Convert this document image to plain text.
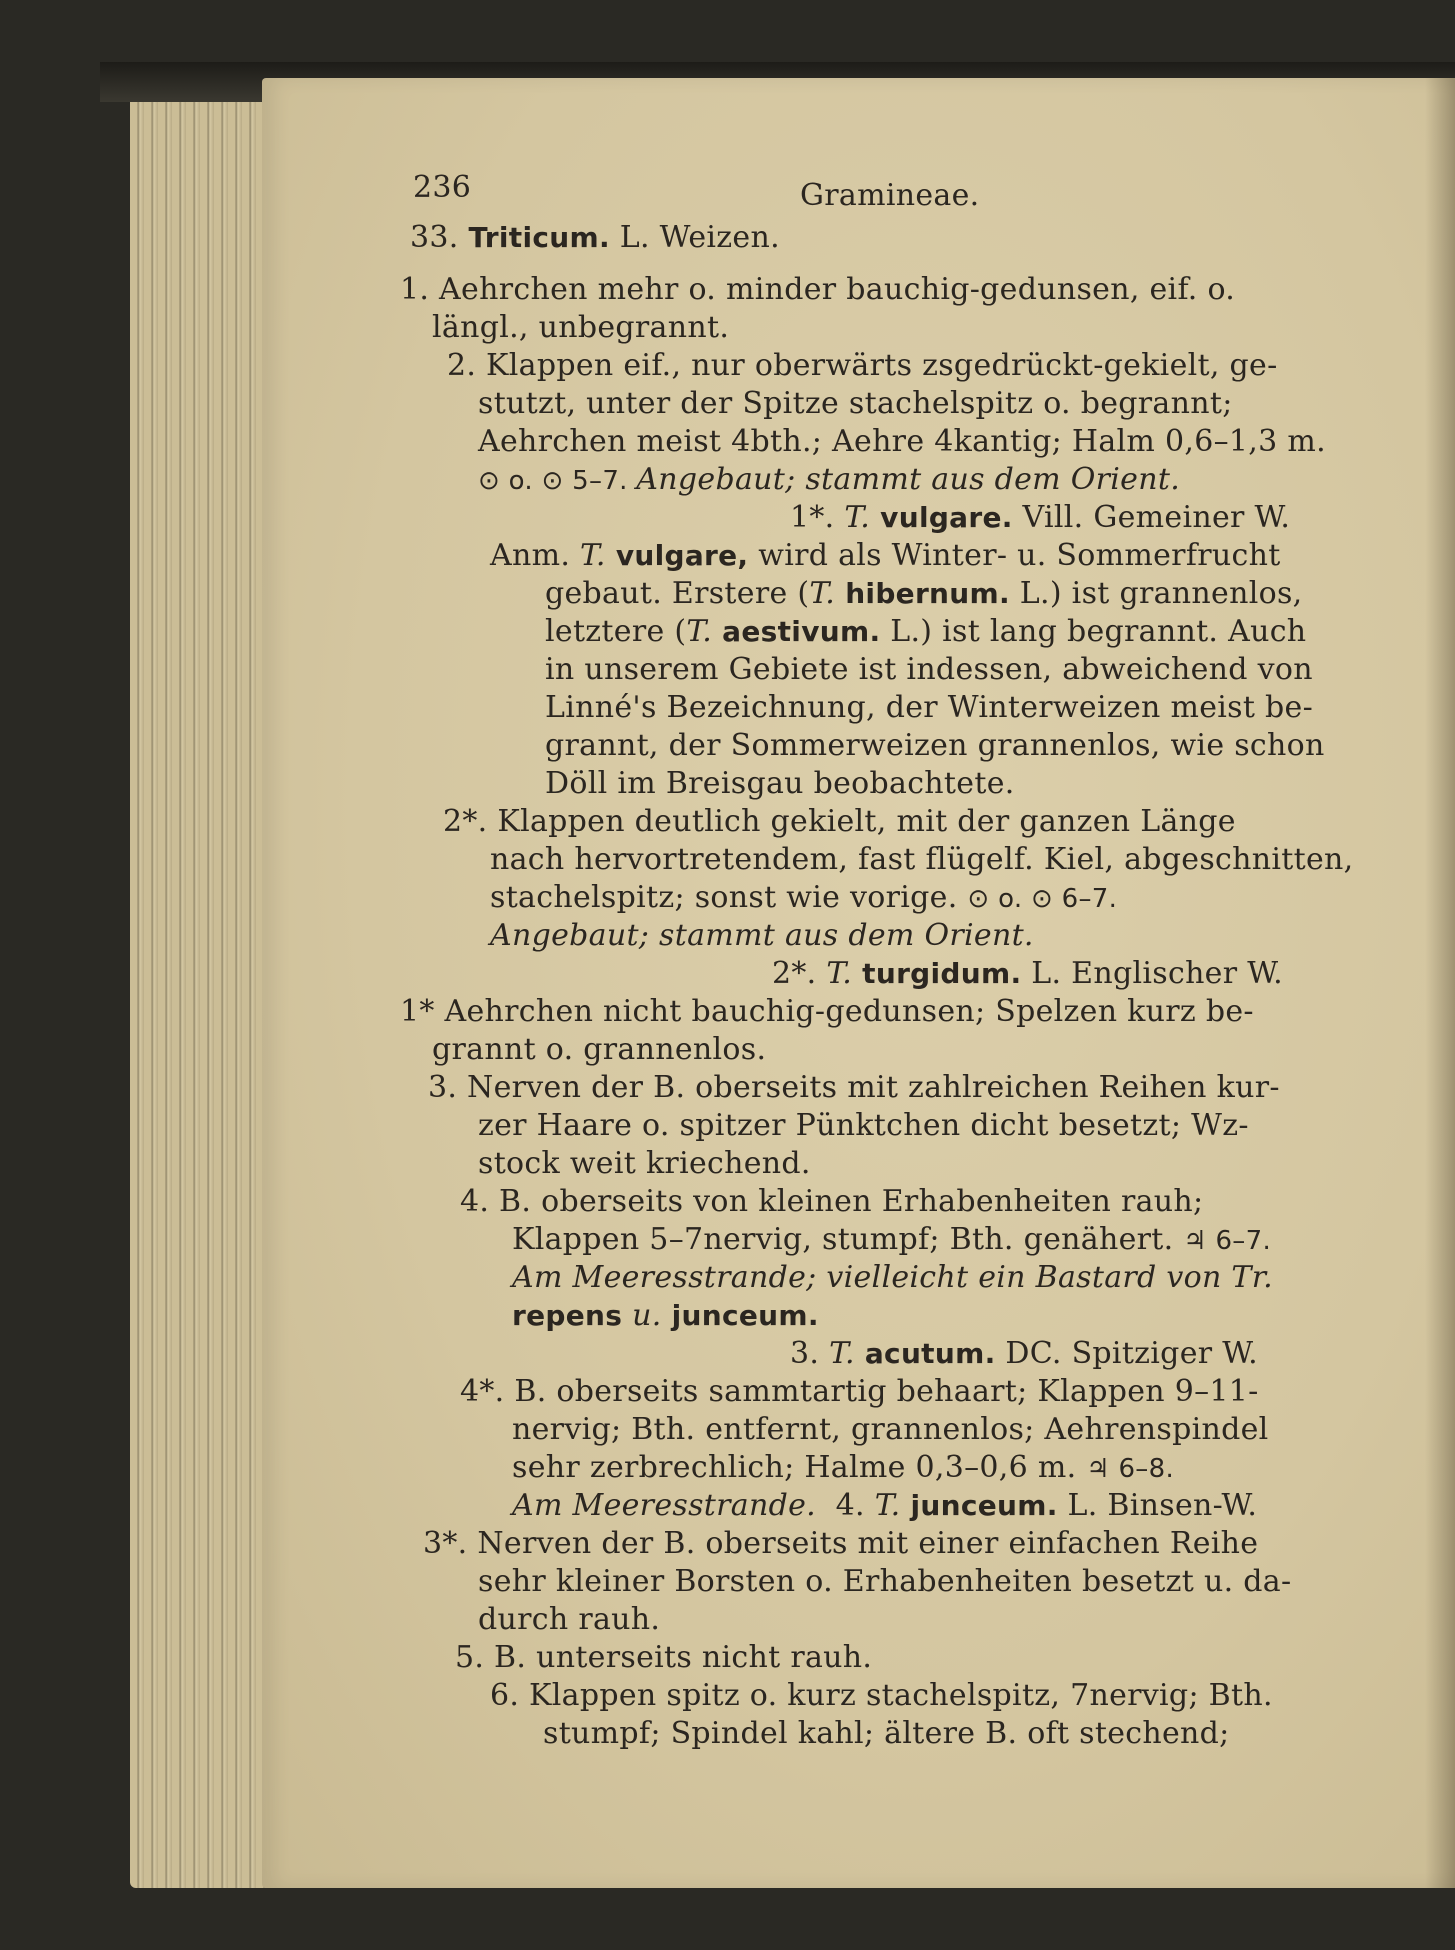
236	Gramineae.
33. Triticum. L. Weizen.
1. Aehrchen mehr o. minder bauchig-gedunsen, eif. o.
längl., unbegrannt.
2. Klappen eif., nur oberwärts zsgedrückt-gekielt, ge-
stutzt, unter der Spitze stachelspitz o. begrannt;
Aehrchen meist 4bth.; Aehre 4kantig; Halm 0,6–1,3 m.
⊙ o. ⊙ 5–7. Angebaut; stammt aus dem Orient.
1*. T. vulgare. Vill. Gemeiner W.
Anm. T. vulgare, wird als Winter- u. Sommerfrucht
gebaut. Erstere (T. hibernum. L.) ist grannenlos,
letztere (T. aestivum. L.) ist lang begrannt. Auch
in unserem Gebiete ist indessen, abweichend von
Linné's Bezeichnung, der Winterweizen meist be-
grannt, der Sommerweizen grannenlos, wie schon
Döll im Breisgau beobachtete.
2*. Klappen deutlich gekielt, mit der ganzen Länge
nach hervortretendem, fast flügelf. Kiel, abgeschnitten,
stachelspitz; sonst wie vorige. ⊙ o. ⊙ 6–7.
Angebaut; stammt aus dem Orient.
2*. T. turgidum. L. Englischer W.
1* Aehrchen nicht bauchig-gedunsen; Spelzen kurz be-
grannt o. grannenlos.
3. Nerven der B. oberseits mit zahlreichen Reihen kur-
zer Haare o. spitzer Pünktchen dicht besetzt; Wz-
stock weit kriechend.
4. B. oberseits von kleinen Erhabenheiten rauh;
Klappen 5–7nervig, stumpf; Bth. genähert. ♃ 6–7.
Am Meeresstrande; vielleicht ein Bastard von Tr.
repens u. junceum.
3. T. acutum. DC. Spitziger W.
4*. B. oberseits sammtartig behaart; Klappen 9–11-
nervig; Bth. entfernt, grannenlos; Aehrenspindel
sehr zerbrechlich; Halme 0,3–0,6 m. ♃ 6–8.
Am Meeresstrande.  4. T. junceum. L. Binsen-W.
3*. Nerven der B. oberseits mit einer einfachen Reihe
sehr kleiner Borsten o. Erhabenheiten besetzt u. da-
durch rauh.
5. B. unterseits nicht rauh.
6. Klappen spitz o. kurz stachelspitz, 7nervig; Bth.
stumpf; Spindel kahl; ältere B. oft stechend;
